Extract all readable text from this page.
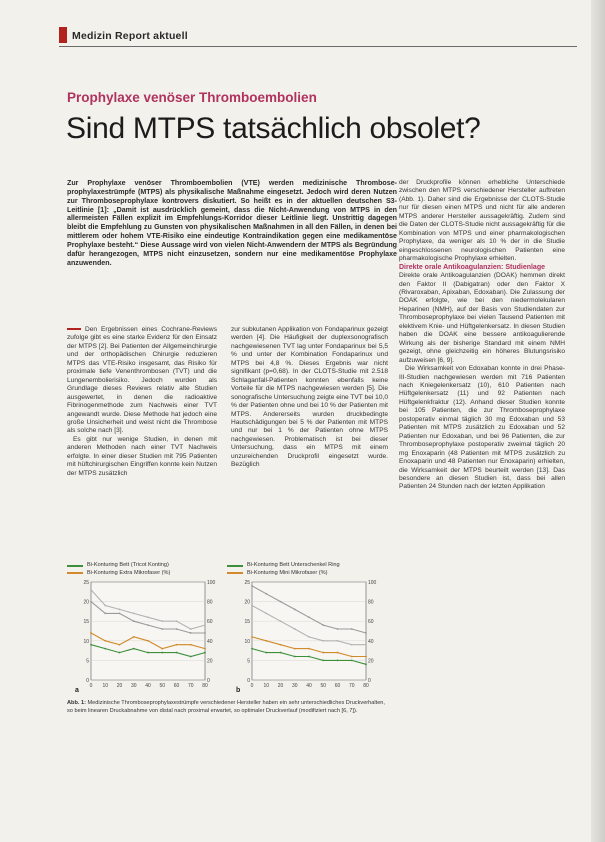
Medizin Report aktuell
Prophylaxe venöser Thromboembolien
Sind MTPS tatsächlich obsolet?
Zur Prophylaxe venöser Thromboembolien (VTE) werden medizinische Thrombose-prophylaxestrümpfe (MTPS) als physikalische Maßnahme eingesetzt. Jedoch wird deren Nutzen zur Thromboseprophylaxe kontrovers diskutiert. So heißt es in der aktuellen deutschen S3-Leitlinie [1]: „Damit ist ausdrücklich gemeint, dass die Nicht-Anwendung von MTPS in den allermeisten Fällen explizit im Empfehlungs-Korridor dieser Leitlinie liegt. Unstrittig dagegen bleibt die Empfehlung zu Gunsten von physikalischen Maßnahmen in all den Fällen, in denen bei mittlerem oder hohem VTE-Risiko eine eindeutige Kontraindikation gegen eine medikamentöse Prophylaxe besteht.“ Diese Aussage wird von vielen Nicht-Anwendern der MTPS als Begründung dafür herangezogen, MTPS nicht einzusetzen, sondern nur eine medikamentöse Prophylaxe anzuwenden.

Den Ergebnissen eines Cochrane-Reviews zufolge gibt es eine starke Evidenz für den Einsatz der MTPS [2]. Bei Patienten der Allgemeinchirurgie und der orthopädischen Chirurgie reduzieren MTPS das VTE-Risiko insgesamt, das Risiko für proximale tiefe Venenthrombosen (TVT) und die Lungenembolierisiko. Jedoch wurden als Grundlage dieses Reviews relativ alte Studien ausgewertet, in denen die radioaktive Fibrinogenmethode zum Nachweis einer TVT angewandt wurde. Diese Methode hat jedoch eine große Unsicherheit und weist nicht die Thrombose als solche nach [3].

Es gibt nur wenige Studien, in denen mit anderen Methoden nach einer TVT Nachweis erfolgte. In einer dieser Studien mit 795 Patienten mit hüftchirurgischen Eingriffen konnte kein Nutzen der MTPS zusätzlich

zur subkutanen Applikation von Fondaparinux gezeigt werden [4]. Die Häufigkeit der duplexsonografisch nachgewiesenen TVT lag unter Fondaparinux bei 5,5 % und unter der Kombination Fondaparinux und MTPS bei 4,8 %. Dieses Ergebnis war nicht signifikant (p=0,68). In der CLOTS-Studie mit 2.518 Schlaganfall-Patienten konnten ebenfalls keine Vorteile für die MTPS nachgewiesen werden [5]. Die sonografische Untersuchung zeigte eine TVT bei 10,0 % der Patienten ohne und bei 10 % der Patienten mit MTPS. Andererseits wurden druckbedingte Hautschädigungen bei 5 % der Patienten mit MTPS und nur bei 1 % der Patienten ohne MTPS nachgewiesen. Problematisch ist bei dieser Untersuchung, dass ein MTPS mit einem unzureichenden Druckprofil eingesetzt wurde. Bezüglich

der Druckprofile können erhebliche Unterschiede zwischen den MTPS verschiedener Hersteller auftreten (Abb. 1). Daher sind die Ergebnisse der CLOTS-Studie nur für diesen einen MTPS und nicht für alle anderen MTPS anderer Hersteller aussagekräftig. Zudem sind die Daten der CLOTS-Studie nicht aussagekräftig für die Kombination von MTPS und einer pharmakologischen Prophylaxe, da weniger als 10 % der in die Studie eingeschlossenen neurologischen Patienten eine pharmakologische Prophylaxe erhielten.

Direkte orale Antikoagulanzien: Studienlage

Direkte orale Antikoagulanzien (DOAK) hemmen direkt den Faktor II (Dabigatran) oder den Faktor X (Rivaroxaban, Apixaban, Edoxaban). Die Zulassung der DOAK erfolgte, wie bei den niedermolekularen Heparinen (NMH), auf der Basis von Studiendaten zur Thromboseprophylaxe bei vielen Tausend Patienten mit elektivem Knie- und Hüftgelenkersatz. In diesen Studien haben die DOAK eine bessere antikoagulierende Wirkung als der bisherige Standard mit einem NMH gezeigt, ohne gleichzeitig ein höheres Blutungsrisiko aufzuweisen [6, 9].

Die Wirksamkeit von Edoxaban konnte in drei Phase-III-Studien nachgewiesen werden mit 716 Patienten nach Kniegelenkersatz (10), 610 Patienten nach Hüftgelenkersatz (11) und 92 Patienten nach Hüftgelenkfraktur (12). Anhand dieser Studien konnte bei 105 Patienten, die zur Thromboseprophylaxe postoperativ einmal täglich 30 mg Edoxaban und 53 Patienten mit MTPS zusätzlich zu Edoxaban und 52 Patienten nur Edoxaban, und bei 96 Patienten, die zur Thromboseprophylaxe postoperativ zweimal täglich 20 mg Enoxaparin (48 Patienten mit MTPS zusätzlich zu Enoxaparin und 48 Patienten nur Enoxaparin) erhielten, die Wirksamkeit der MTPS beurteilt werden [13]. Das besondere an diesen Studien ist, dass bei allen Patienten 24 Stunden nach der letzten Applikation

Bi-Konturing Bett (Tricot Konting)	Bi-Konturing Bett Unterschenkel Ring
Bi-Konturing Extra Mikrofaser (%)	Bi-Konturing Mini Mikrofaser (%)
0
5
10
15
20
25
0
20
40
60
80
100
0 10 20 30 40 50 60 70 80
a
0
5
10
15
20
25
0
20
40
60
80
100
0 10 20 30 40 50 60 70 80
b
Abb. 1: Medizinische Thromboseprophylaxestrümpfe verschiedener Hersteller haben ein sehr unterschiedliches Druckverhalten, so beim linearen Druckabnahme von distal nach proximal erwartet, so optimaler Druckverlauf (modifiziert nach [6, 7]).
